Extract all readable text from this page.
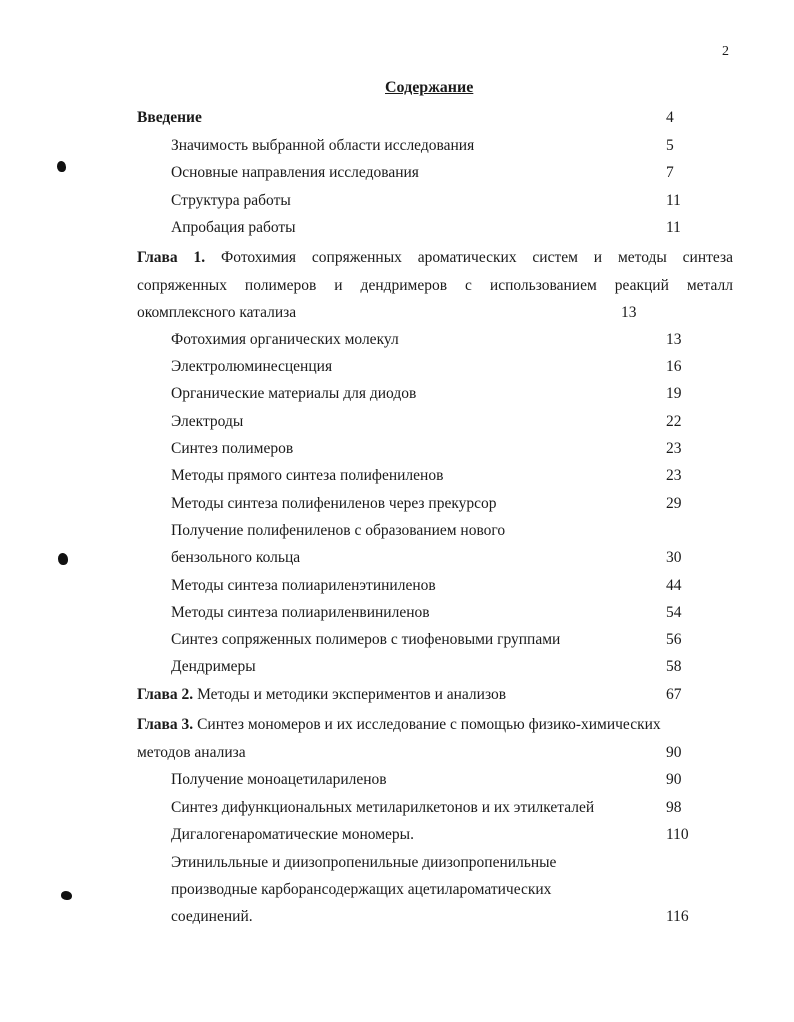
2
Содержание
Введение	4
Значимость выбранной области исследования	5
Основные направления исследования	7
Структура работы	11
Апробация работы	11
Глава 1. Фотохимия сопряженных ароматических систем и методы синтеза
сопряженных полимеров и дендримеров с использованием реакций металл
окомплексного катализа	13
Фотохимия органических молекул	13
Электролюминесценция	16
Органические материалы для диодов	19
Электроды	22
Синтез полимеров	23
Методы прямого синтеза полифениленов	23
Методы синтеза полифениленов через прекурсор	29
Получение полифениленов с образованием нового
бензольного кольца	30
Методы синтеза полиариленэтиниленов	44
Методы синтеза полиариленвиниленов	54
Синтез сопряженных полимеров с тиофеновыми группами	56
Дендримеры	58
Глава 2. Методы и методики экспериментов и анализов	67
Глава 3. Синтез мономеров и их исследование с помощью физико-химических
методов анализа	90
Получение моноацетилариленов	90
Синтез дифункциональных метиларилкетонов и их этилкеталей	98
Дигалогенароматические мономеры.	110
Этинильльные и диизопропенильные диизопропенильные
производные карборансодержащих ацетилароматических
соединений.	116
